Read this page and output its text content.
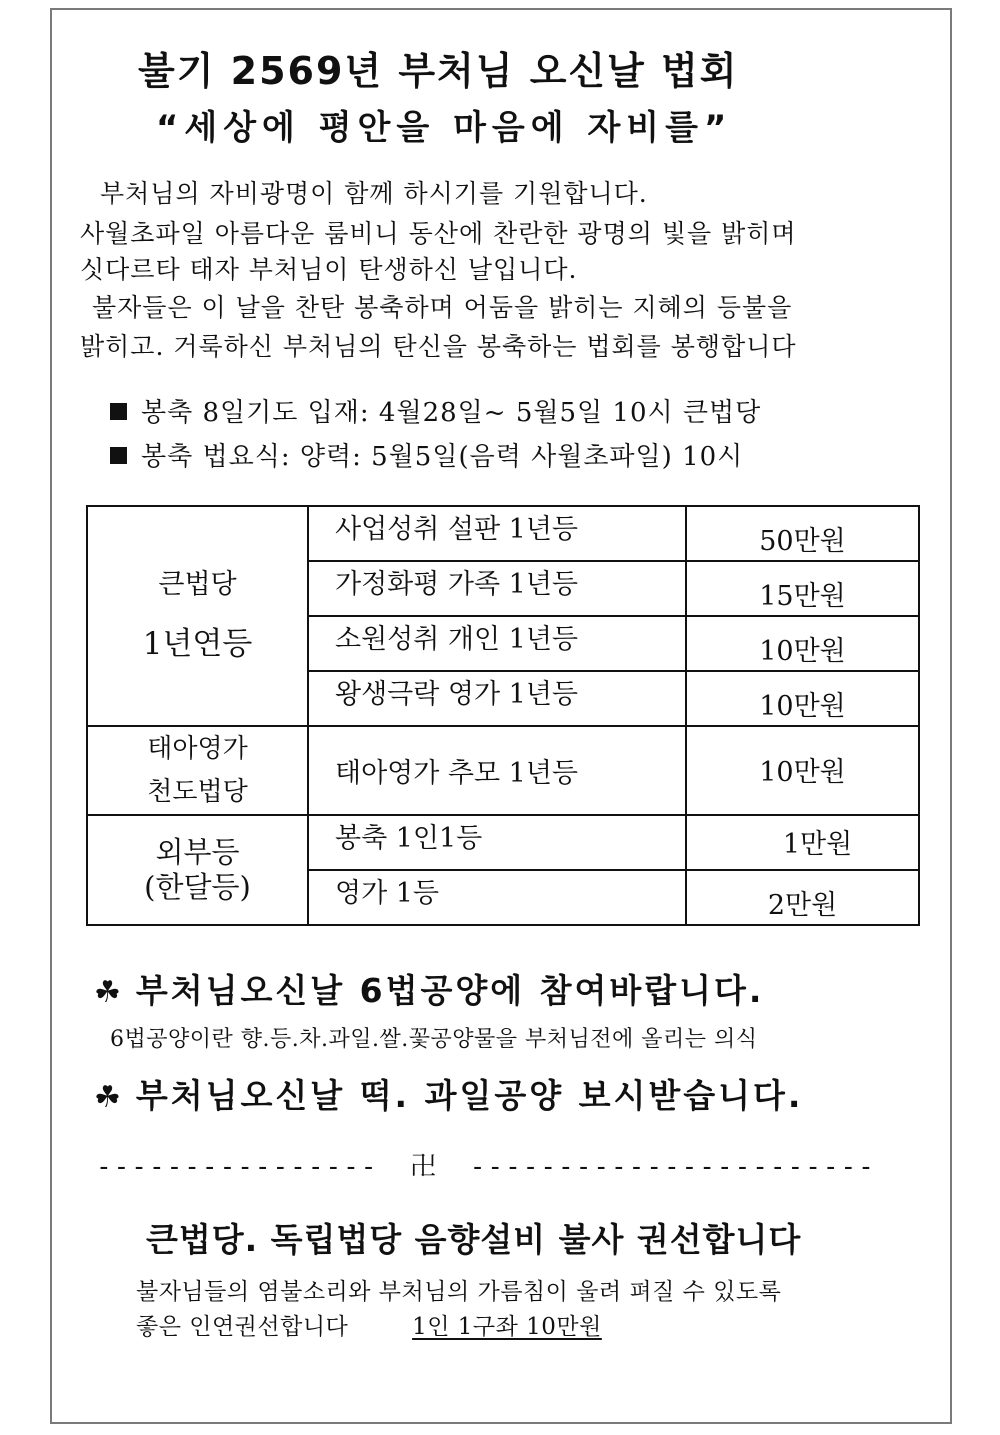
불기 2569년 부처님 오신날 법회
“세상에 평안을 마음에 자비를”
부처님의 자비광명이 함께 하시기를 기원합니다.
사월초파일 아름다운 룸비니 동산에 찬란한 광명의 빛을 밝히며
싯다르타 태자 부처님이 탄생하신 날입니다.
불자들은 이 날을 찬탄 봉축하며 어둠을 밝히는 지혜의 등불을
밝히고. 거룩하신 부처님의 탄신을 봉축하는 법회를 봉행합니다
봉축 8일기도 입재: 4월28일~ 5월5일 10시 큰법당
봉축 법요식: 양력: 5월5일(음력 사월초파일) 10시
큰법당
1년연등	사업성취 설판 1년등	50만원
	가정화평 가족 1년등	15만원
	소원성취 개인 1년등	10만원
	왕생극락 영가 1년등	10만원
태아영가
천도법당	태아영가 추모 1년등	10만원
외부등
(한달등)	봉축 1인1등	1만원
	영가 1등	2만원
☘ 부처님오신날 6법공양에 참여바랍니다.
6법공양이란 향.등.차.과일.쌀.꽃공양물을 부처님전에 올리는 의식
☘ 부처님오신날 떡. 과일공양 보시받습니다.
---------------- 卍 -----------------------
큰법당. 독립법당 음향설비 불사 권선합니다
불자님들의 염불소리와 부처님의 가름침이 울려 펴질 수 있도록
좋은 인연권선합니다	1인 1구좌 10만원
